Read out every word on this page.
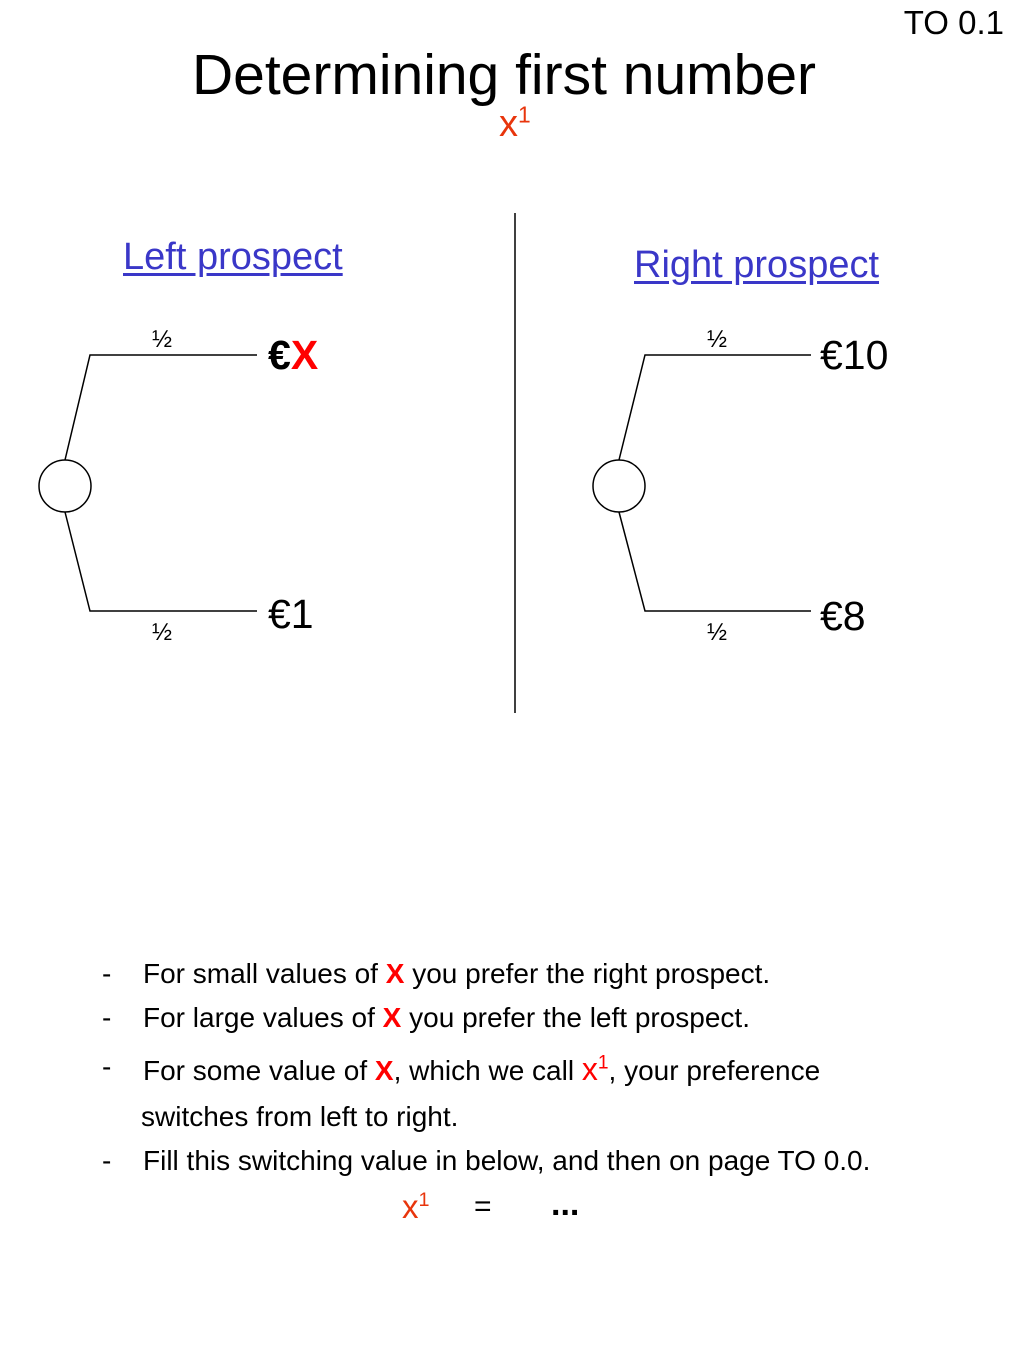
TO 0.1
Determining first number
$x^1$
Left prospect	Right prospect
½
½
€X
€1
½
½
€10
€8
- For small values of X you prefer the right prospect.
- For large values of X you prefer the left prospect.
- For some value of X, which we call $x^1$, your preference
switches from left to right.
- Fill this switching value in below, and then on page TO 0.0.
$x^1$ = ...
